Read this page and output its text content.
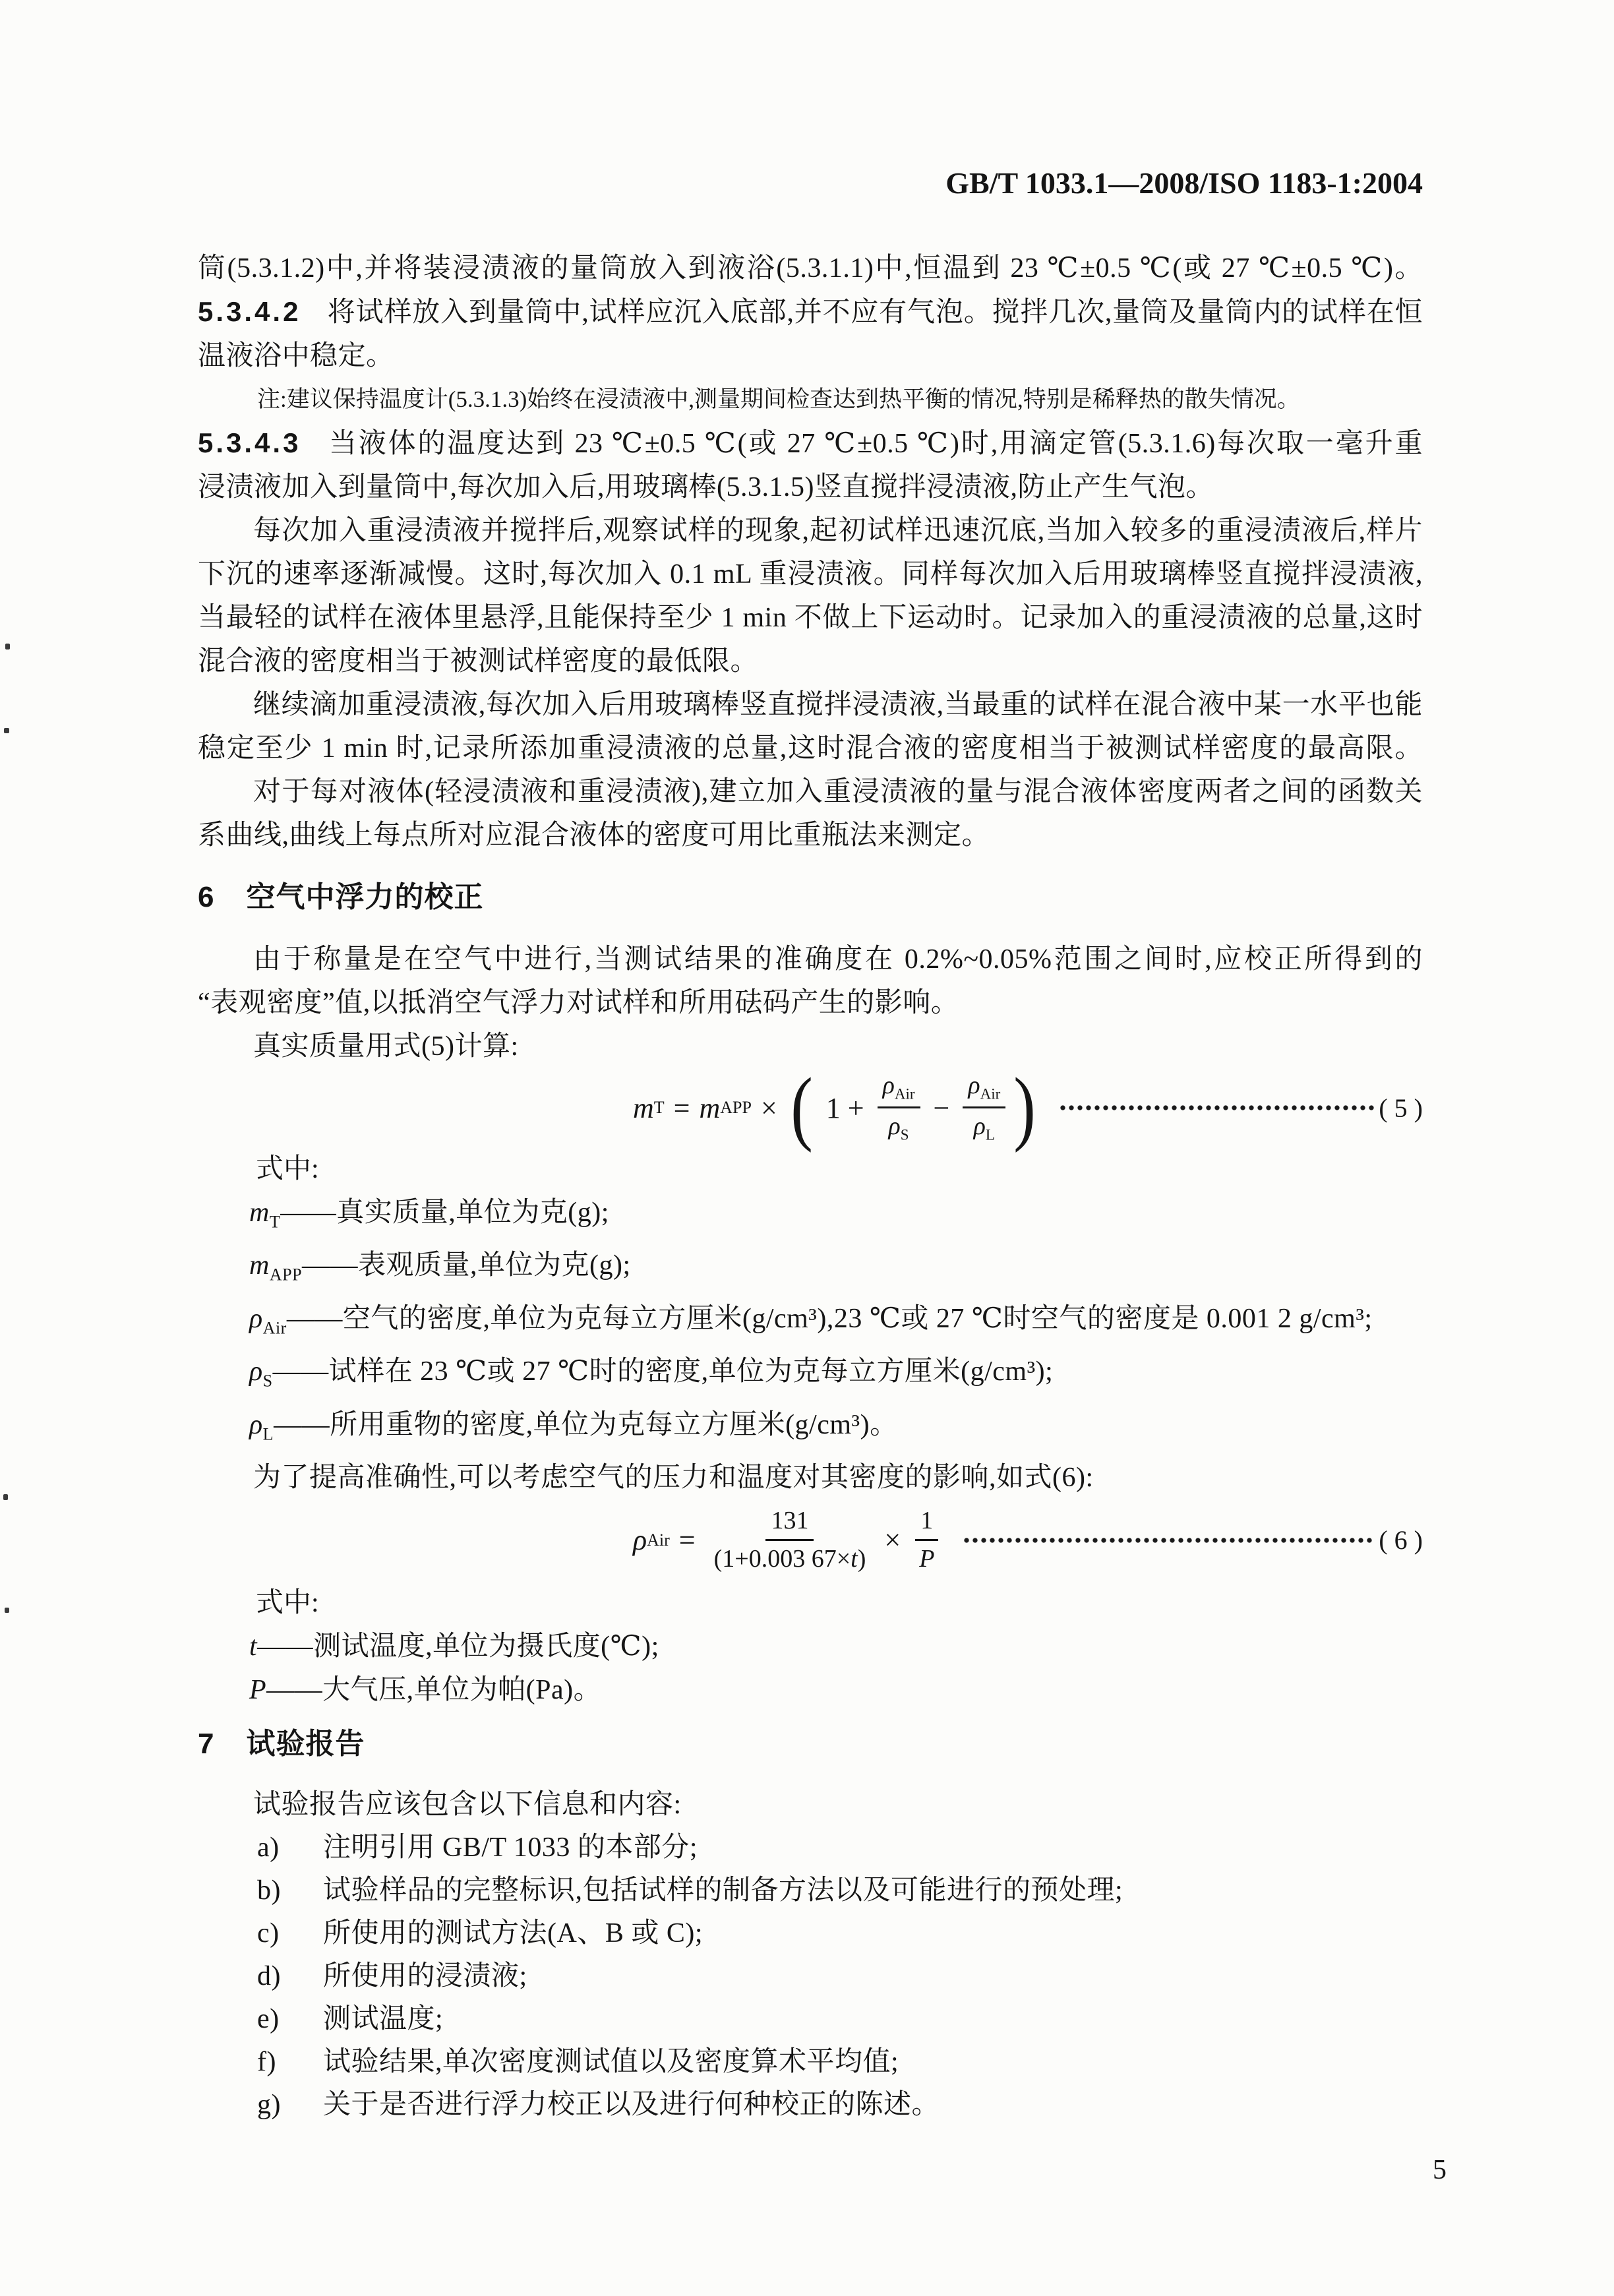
GB/T 1033.1—2008/ISO 1183-1:2004
筒(5.3.1.2)中,并将装浸渍液的量筒放入到液浴(5.3.1.1)中,恒温到 23 ℃±0.5 ℃(或 27 ℃±0.5 ℃)。
5.3.4.2 将试样放入到量筒中,试样应沉入底部,并不应有气泡。搅拌几次,量筒及量筒内的试样在恒
温液浴中稳定。
注:建议保持温度计(5.3.1.3)始终在浸渍液中,测量期间检查达到热平衡的情况,特别是稀释热的散失情况。
5.3.4.3 当液体的温度达到 23 ℃±0.5 ℃(或 27 ℃±0.5 ℃)时,用滴定管(5.3.1.6)每次取一毫升重
浸渍液加入到量筒中,每次加入后,用玻璃棒(5.3.1.5)竖直搅拌浸渍液,防止产生气泡。
每次加入重浸渍液并搅拌后,观察试样的现象,起初试样迅速沉底,当加入较多的重浸渍液后,样片
下沉的速率逐渐减慢。这时,每次加入 0.1 mL 重浸渍液。同样每次加入后用玻璃棒竖直搅拌浸渍液,
当最轻的试样在液体里悬浮,且能保持至少 1 min 不做上下运动时。记录加入的重浸渍液的总量,这时
混合液的密度相当于被测试样密度的最低限。
继续滴加重浸渍液,每次加入后用玻璃棒竖直搅拌浸渍液,当最重的试样在混合液中某一水平也能
稳定至少 1 min 时,记录所添加重浸渍液的总量,这时混合液的密度相当于被测试样密度的最高限。
对于每对液体(轻浸渍液和重浸渍液),建立加入重浸渍液的量与混合液体密度两者之间的函数关
系曲线,曲线上每点所对应混合液体的密度可用比重瓶法来测定。
6 空气中浮力的校正
由于称量是在空气中进行,当测试结果的准确度在 0.2%~0.05%范围之间时,应校正所得到的
“表观密度”值,以抵消空气浮力对试样和所用砝码产生的影响。
真实质量用式(5)计算:
m T = m APP × ( $1 + \frac{\rho_{Air}}{\rho_S} - \frac{\rho_{Air}}{\rho_L}$ )	( 5 )
式中:
$m_T——$真实质量,单位为克(g);
$m_{APP}——$表观质量,单位为克(g);
$\rho_{Air}——$空气的密度,单位为克每立方厘米(g/cm³),23 ℃或 27 ℃时空气的密度是 0.001 2 g/cm³;
$\rho_S——$试样在 23 ℃或 27 ℃时的密度,单位为克每立方厘米(g/cm³);
$\rho_L——$所用重物的密度,单位为克每立方厘米(g/cm³)。
为了提高准确性,可以考虑空气的压力和温度对其密度的影响,如式(6):
ρ Air = $\frac{131}{(1+0.003 67\times t)} \times \frac{1}{P}$	( 6 )
式中:
t——测试温度,单位为摄氏度(℃);
P——大气压,单位为帕(Pa)。
7 试验报告
试验报告应该包含以下信息和内容:
a) 注明引用 GB/T 1033 的本部分;
b) 试验样品的完整标识,包括试样的制备方法以及可能进行的预处理;
c) 所使用的测试方法(A、B 或 C);
d) 所使用的浸渍液;
e) 测试温度;
f) 试验结果,单次密度测试值以及密度算术平均值;
g) 关于是否进行浮力校正以及进行何种校正的陈述。
5
